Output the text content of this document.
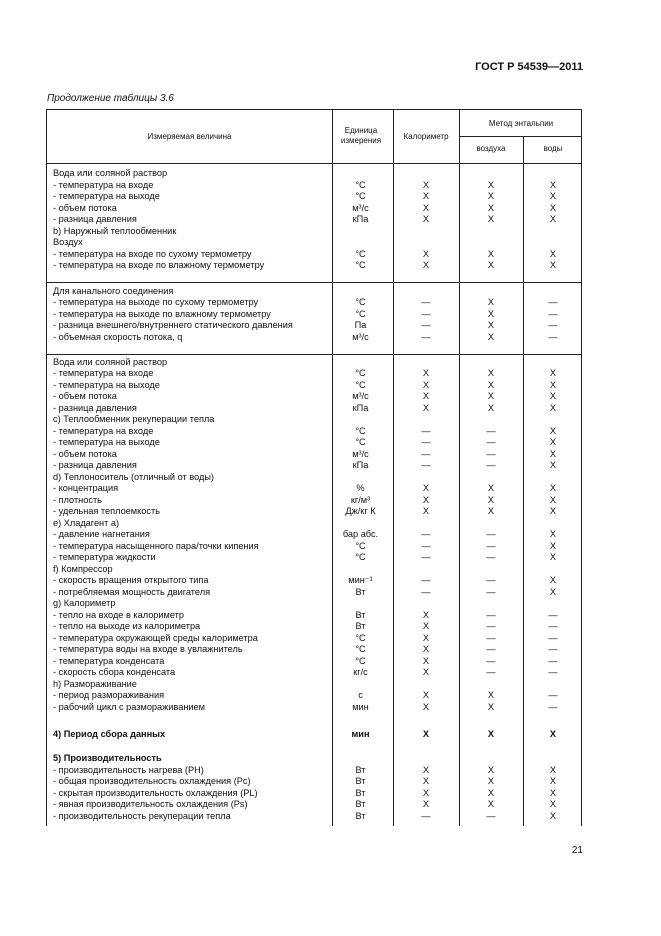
ГОСТ Р 54539—2011
Продолжение таблицы 3.6
Измеряемая величина
Единица измерения	Калориметр
Метод энтальпии
воздуха	воды
Вода или соляной раствор
- температура на входе	°С	X	X	X
- температура на выходе	°С	X	X	X
- объем потока	м³/с	X	X	X
- разница давления	кПа	X	X	X
b) Наружный теплообменник
Воздух
- температура на входе по сухому термометру	°С	X	X	X
- температура на входе по влажному термометру	°С	X	X	X
Для канального соединения
- температура на выходе по сухому термометру	°С	—	X	—
- температура на выходе по влажному термометру	°С	—	X	—
- разница внешнего/внутреннего статического давления	Па	—	X	—
- объемная скорость потока, q	м³/с	—	X	—
Вода или соляной раствор
- температура на входе	°С	X	X	X
- температура на выходе	°С	X	X	X
- объем потока	м³/с	X	X	X
- разница давления	кПа	X	X	X
с) Теплообменник рекуперации тепла
- температура на входе	°С	—	—	X
- температура на выходе	°С	—	—	X
- объем потока	м³/с	—	—	X
- разница давления	кПа	—	—	X
d) Теплоноситель (отличный от воды)
- концентрация	%	X	X	X
- плотность	кг/м³	X	X	X
- удельная теплоемкость	Дж/кг К	X	X	X
е) Хладагент а)
- давление нагнетания	бар абс.	—	—	X
- температура насыщенного пара/точки кипения	°С	—	—	X
- температура жидкости	°С	—	—	X
f) Компрессор
- скорость вращения открытого типа	мин⁻¹	—	—	X
- потребляемая мощность двигателя	Вт	—	—	X
g) Калориметр
- тепло на входе в калориметр	Вт	X	—	—
- тепло на выходе из калориметра	Вт	X	—	—
- температура окружающей среды калориметра	°С	X	—	—
- температура воды на входе в увлажнитель	°С	X	—	—
- температура конденсата	°С	X	—	—
- скорость сбора конденсата	кг/с	X	—	—
h) Размораживание
- период размораживания	с	X	X	—
- рабочий цикл с размораживанием	мин	X	X	—
4) Период сбора данных	мин	X	X	X
5) Производительность
- производительность нагрева (PH)	Вт	X	X	X
- общая производительность охлаждения (Рс)	Вт	X	X	X
- скрытая производительность охлаждения (PL)	Вт	X	X	X
- явная производительность охлаждения (Ps)	Вт	X	X	X
- производительность рекуперации тепла	Вт	—	—	X
21
